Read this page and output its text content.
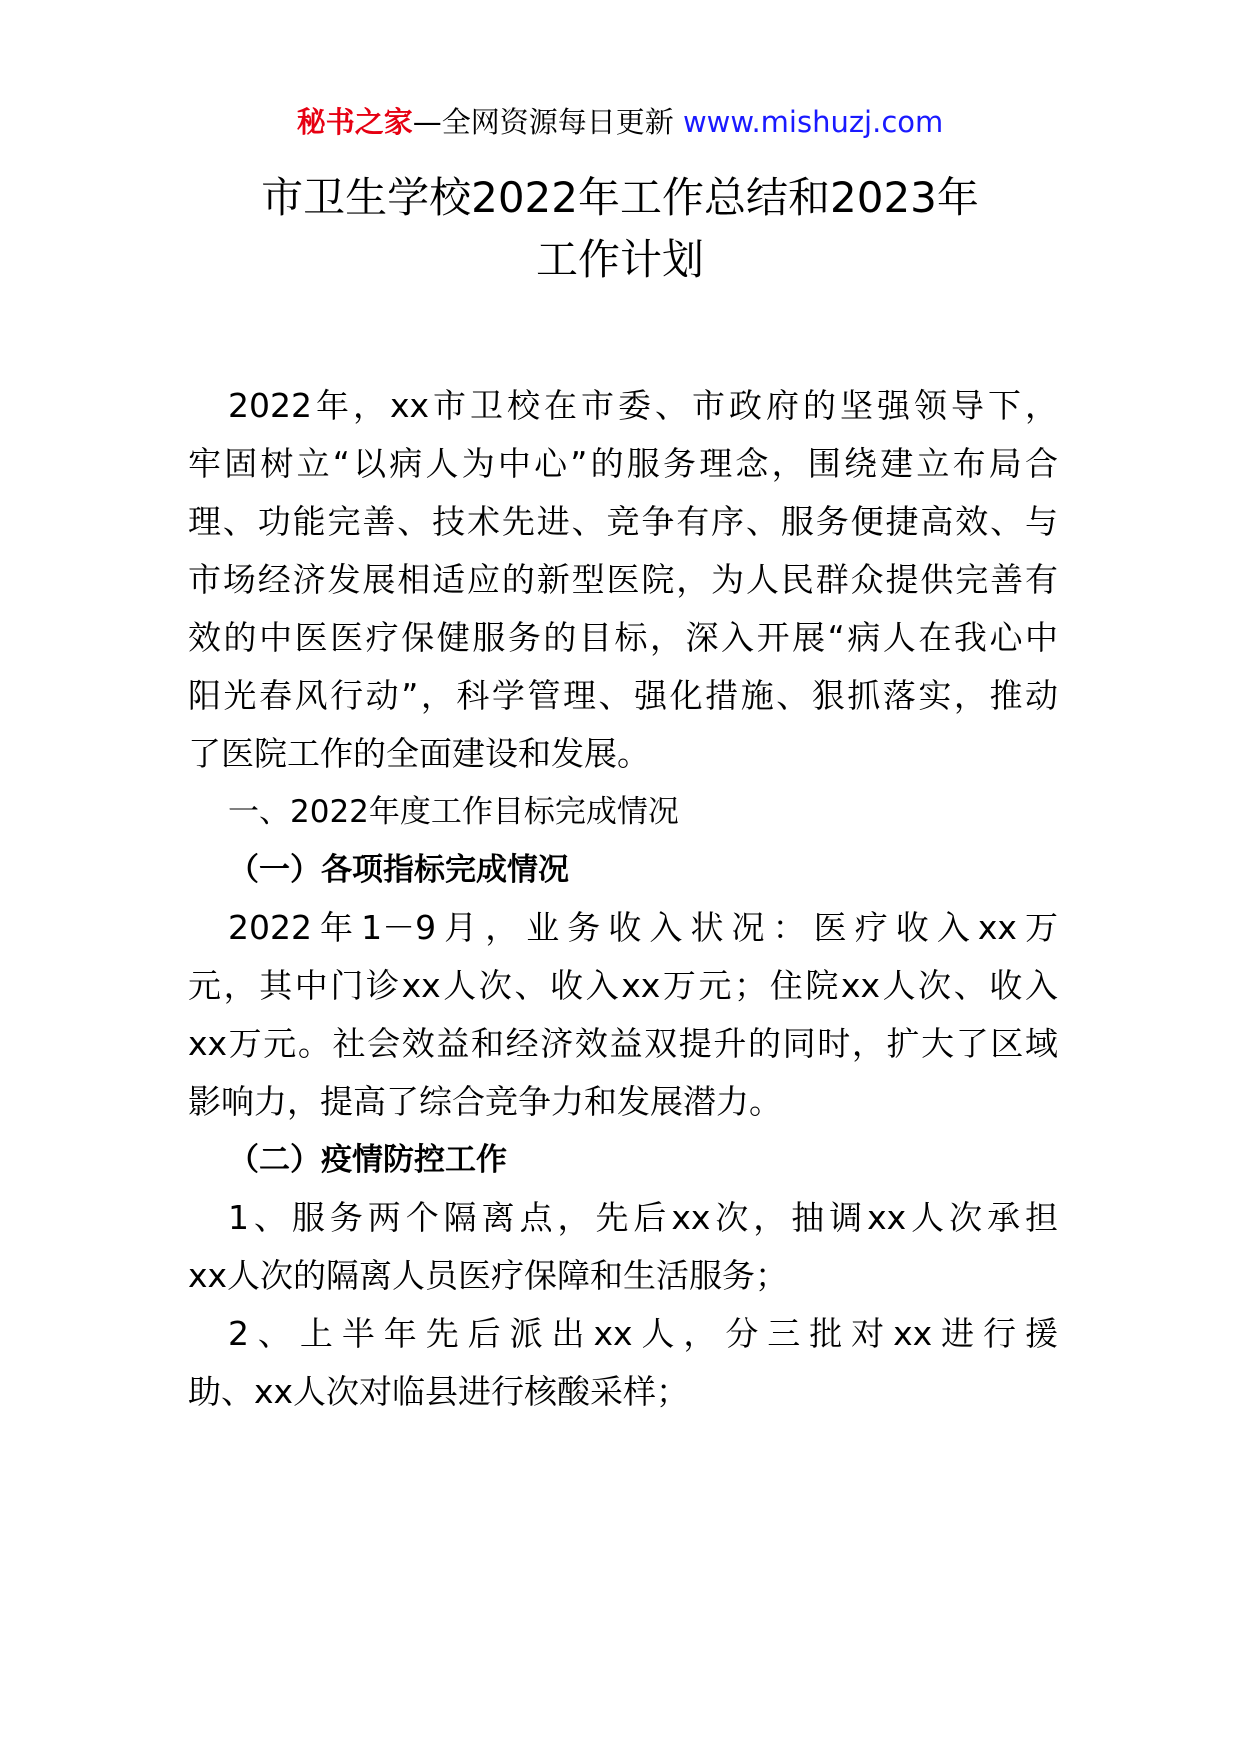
秘书之家—全网资源每日更新 www.mishuzj.com
市卫生学校2022年工作总结和2023年
工作计划
2022年，xx市卫校在市委、市政府的坚强领导下，
牢固树立“以病人为中心”的服务理念，围绕建立布局合
理、功能完善、技术先进、竞争有序、服务便捷高效、与
市场经济发展相适应的新型医院，为人民群众提供完善有
效的中医医疗保健服务的目标，深入开展“病人在我心中
阳光春风行动”，科学管理、强化措施、狠抓落实，推动
了医院工作的全面建设和发展。
一、2022年度工作目标完成情况
（一）各项指标完成情况
2022年1－9月，业务收入状况：医疗收入xx万
元，其中门诊xx人次、收入xx万元；住院xx人次、收入
xx万元。社会效益和经济效益双提升的同时，扩大了区域
影响力，提高了综合竞争力和发展潜力。
（二）疫情防控工作
1、服务两个隔离点，先后xx次，抽调xx人次承担
xx人次的隔离人员医疗保障和生活服务；
2、上半年先后派出xx人，分三批对xx进行援
助、xx人次对临县进行核酸采样；
